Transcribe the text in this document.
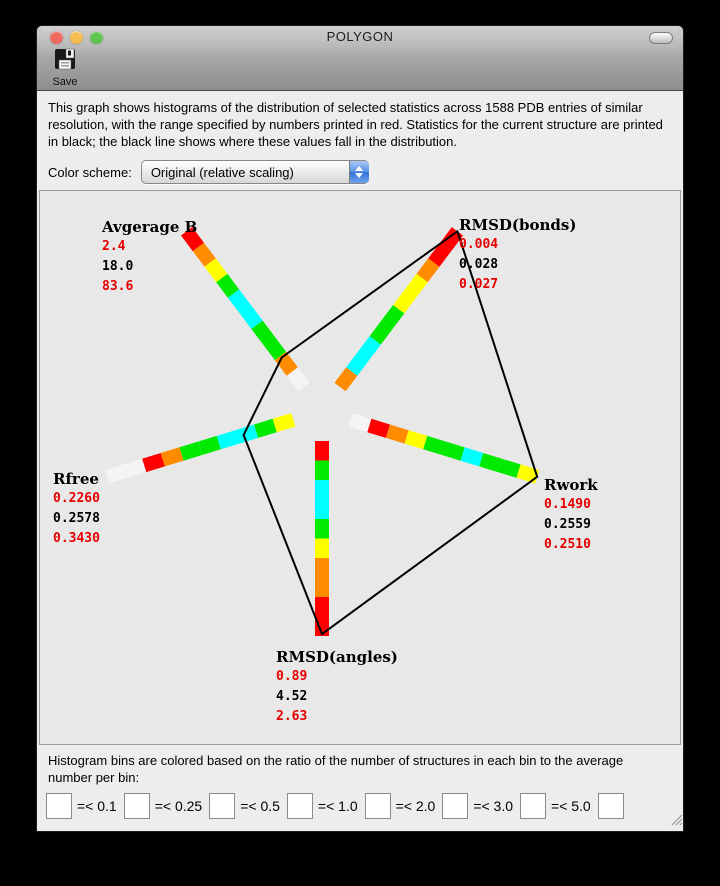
POLYGON
Save
This graph shows histograms of the distribution of selected statistics across 1588 PDB entries of similar resolution, with the range specified by numbers printed in red. Statistics for the current structure are printed in black; the black line shows where these values fall in the distribution.
Color scheme:	Original (relative scaling)
Avgerage B
2.4
18.0
83.6
RMSD(bonds)
0.004
0.028
0.027
Rfree
0.2260
0.2578
0.3430
Rwork
0.1490
0.2559
0.2510
RMSD(angles)
0.89
4.52
2.63
Histogram bins are colored based on the ratio of the number of structures in each bin to the average number per bin:
=< 0.1	=< 0.25	=< 0.5	=< 1.0	=< 2.0	=< 3.0	=< 5.0
